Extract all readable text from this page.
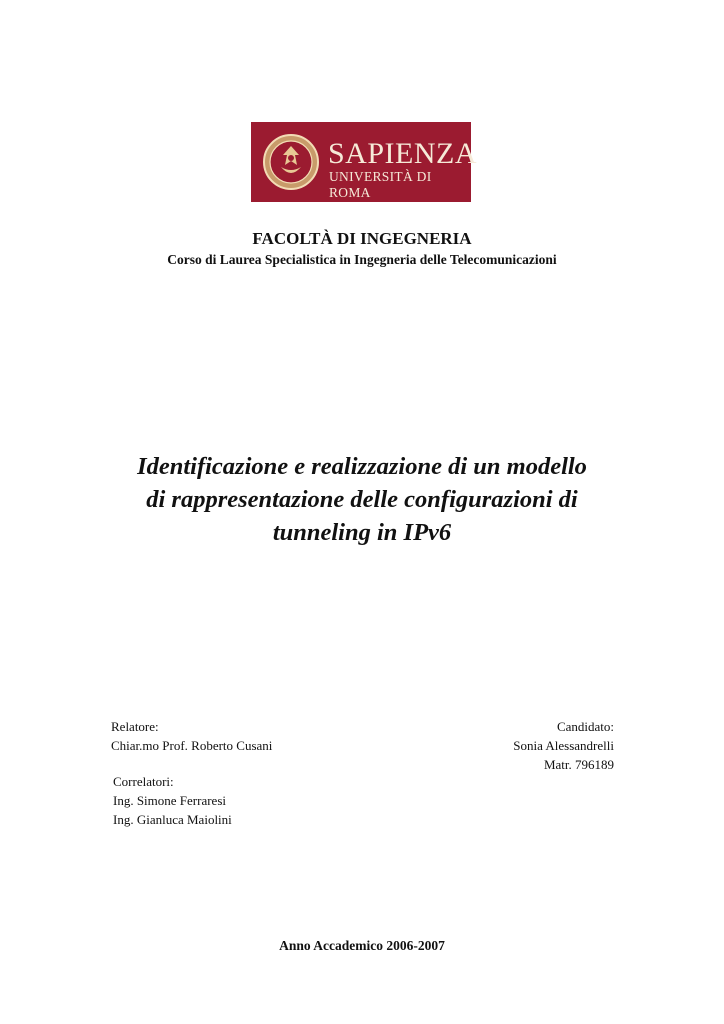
SAPIENZA
UNIVERSITÀ DI ROMA
FACOLTÀ DI INGEGNERIA
Corso di Laurea Specialistica in Ingegneria delle Telecomunicazioni
Identificazione e realizzazione di un modello
di rappresentazione delle configurazioni di
tunneling in IPv6
Relatore:
Chiar.mo Prof. Roberto Cusani
Candidato:
Sonia Alessandrelli
Matr. 796189
Correlatori:
Ing. Simone Ferraresi
Ing. Gianluca Maiolini
Anno Accademico 2006-2007
